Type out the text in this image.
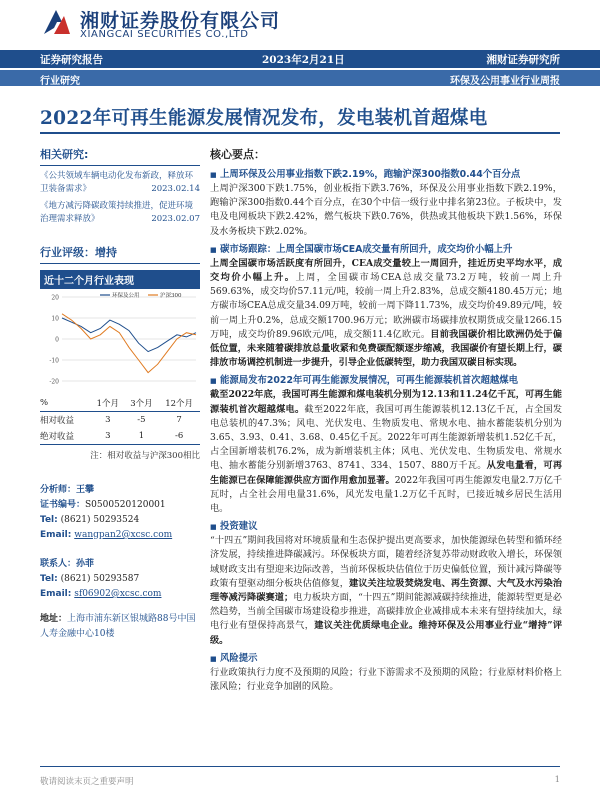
湘财证券股份有限公司
XIANGCAI SECURITIES CO.,LTD
证券研究报告	2023年2月21日	湘财证券研究所
行业研究	环保及公用事业行业周报
2022年可再生能源发展情况发布，发电装机首超煤电
相关研究:
《公共领域车辆电动化发布新政，释放环卫装备需求》	2023.02.14
《地方减污降碳政策持续推进，促进环境治理需求释放》	2023.02.07
行业评级：增持
近十二个月行业表现
20
10
0
-10
-20
环保及公用	沪深300
%	1个月	3个月	12个月
相对收益	3	-5	7
绝对收益	3	1	-6
注：相对收益与沪深300相比
分析师：王攀
证书编号：S0500520120001
Tel: (8621) 50293524
Email: wangpan2@xcsc.com
联系人：孙菲
Tel: (8621) 50293587
Email: sf06902@xcsc.com
地址：上海市浦东新区银城路88号中国人寿金融中心10楼
核心要点：
■ 上周环保及公用事业指数下跌2.19%，跑输沪深300指数0.44个百分点
上周沪深300下跌1.75%，创业板指下跌3.76%，环保及公用事业指数下跌2.19%，跑输沪深300指数0.44个百分点，在30个中信一级行业中排名第23位。子板块中，发电及电网板块下跌2.42%，燃气板块下跌0.76%，供热或其他板块下跌1.56%，环保及水务板块下跌2.02%。
■ 碳市场跟踪：上周全国碳市场CEA成交量有所回升，成交均价小幅上升
上周全国碳市场活跃度有所回升，CEA成交量较上一周回升，挂近历史平均水平，成交均价小幅上升。上周，全国碳市场CEA总成交量73.2万吨，较前一周上升569.63%，成交均价57.11元/吨，较前一周上升2.83%，总成交额4180.45万元；地方碳市场CEA总成交量34.09万吨，较前一周下降11.73%，成交均价49.89元/吨，较前一周上升0.2%，总成交额1700.96万元；欧洲碳市场碳排放权期货成交量1266.15万吨，成交均价89.96欧元/吨，成交额11.4亿欧元。目前我国碳价相比欧洲仍处于偏低位置，未来随着碳排放总量收紧和免费碳配额逐步缩减，我国碳价有望长期上行，碳排放市场调控机制进一步提升，引导企业低碳转型，助力我国双碳目标实现。
■ 能源局发布2022年可再生能源发展情况，可再生能源装机首次超越煤电
截至2022年底，我国可再生能源和煤电装机分别为12.13和11.24亿千瓦，可再生能源装机首次超越煤电。截至2022年底，我国可再生能源装机12.13亿千瓦，占全国发电总装机的47.3%；风电、光伏发电、生物质发电、常规水电、抽水蓄能装机分别为3.65、3.93、0.41、3.68、0.45亿千瓦。2022年可再生能源新增装机1.52亿千瓦，占全国新增装机76.2%，成为新增装机主体；风电、光伏发电、生物质发电、常规水电、抽水蓄能分别新增3763、8741、334、1507、880万千瓦。从发电量看，可再生能源已在保障能源供应方面作用愈加显著。2022年我国可再生能源发电量2.7万亿千瓦时，占全社会用电量31.6%，风光发电量1.2万亿千瓦时，已接近城乡居民生活用电。
■ 投资建议
“十四五”期间我国将对环境质量和生态保护提出更高要求，加快能源绿色转型和循环经济发展，持续推进降碳减污。环保板块方面，随着经济复苏带动财政收入增长，环保领域财政支出有望迎来边际改善，当前环保板块估值位于历史偏低位置，预计减污降碳等政策有望驱动细分板块估值修复，建议关注垃圾焚烧发电、再生资源、大气及水污染治理等减污降碳赛道；电力板块方面，“十四五”期间能源减碳持续推进，能源转型更是必然趋势，当前全国碳市场建设稳步推进，高碳排放企业减排成本未来有望持续加大，绿电行业有望保持高景气，建议关注优质绿电企业。维持环保及公用事业行业“增持”评级。
■ 风险提示
行业政策执行力度不及预期的风险；行业下游需求不及预期的风险；行业原材料价格上涨风险；行业竞争加剧的风险。
敬请阅读末页之重要声明	1
